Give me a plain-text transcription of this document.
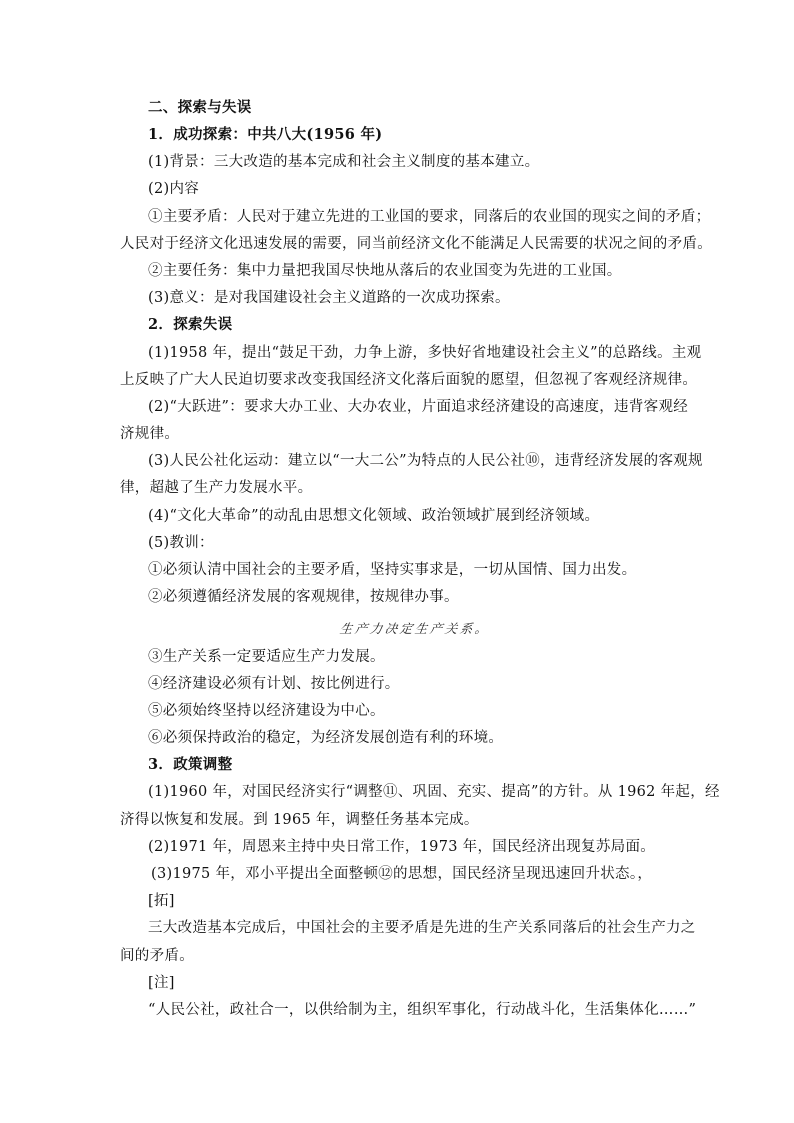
二、探索与失误
1．成功探索：中共八大(1956 年)
(1)背景：三大改造的基本完成和社会主义制度的基本建立。
(2)内容
①主要矛盾：人民对于建立先进的工业国的要求，同落后的农业国的现实之间的矛盾；
人民对于经济文化迅速发展的需要，同当前经济文化不能满足人民需要的状况之间的矛盾。
②主要任务：集中力量把我国尽快地从落后的农业国变为先进的工业国。
(3)意义：是对我国建设社会主义道路的一次成功探索。
2．探索失误
(1)1958 年，提出“鼓足干劲，力争上游，多快好省地建设社会主义”的总路线。主观
上反映了广大人民迫切要求改变我国经济文化落后面貌的愿望，但忽视了客观经济规律。
(2)“大跃进”：要求大办工业、大办农业，片面追求经济建设的高速度，违背客观经
济规律。
(3)人民公社化运动：建立以“一大二公”为特点的人民公社⑩，违背经济发展的客观规
律，超越了生产力发展水平。
(4)“文化大革命”的动乱由思想文化领域、政治领域扩展到经济领域。
(5)教训：
①必须认清中国社会的主要矛盾，坚持实事求是，一切从国情、国力出发。
②必须遵循经济发展的客观规律，按规律办事。
生产力决定生产关系。
③生产关系一定要适应生产力发展。
④经济建设必须有计划、按比例进行。
⑤必须始终坚持以经济建设为中心。
⑥必须保持政治的稳定，为经济发展创造有利的环境。
3．政策调整
(1)1960 年，对国民经济实行“调整⑪、巩固、充实、提高”的方针。从 1962 年起，经
济得以恢复和发展。到 1965 年，调整任务基本完成。
(2)1971 年，周恩来主持中央日常工作，1973 年，国民经济出现复苏局面。
(3)1975 年，邓小平提出全面整顿⑫的思想，国民经济呈现迅速回升状态。，
[拓]
三大改造基本完成后，中国社会的主要矛盾是先进的生产关系同落后的社会生产力之
间的矛盾。
[注]
“人民公社，政社合一，以供给制为主，组织军事化，行动战斗化，生活集体化……”
